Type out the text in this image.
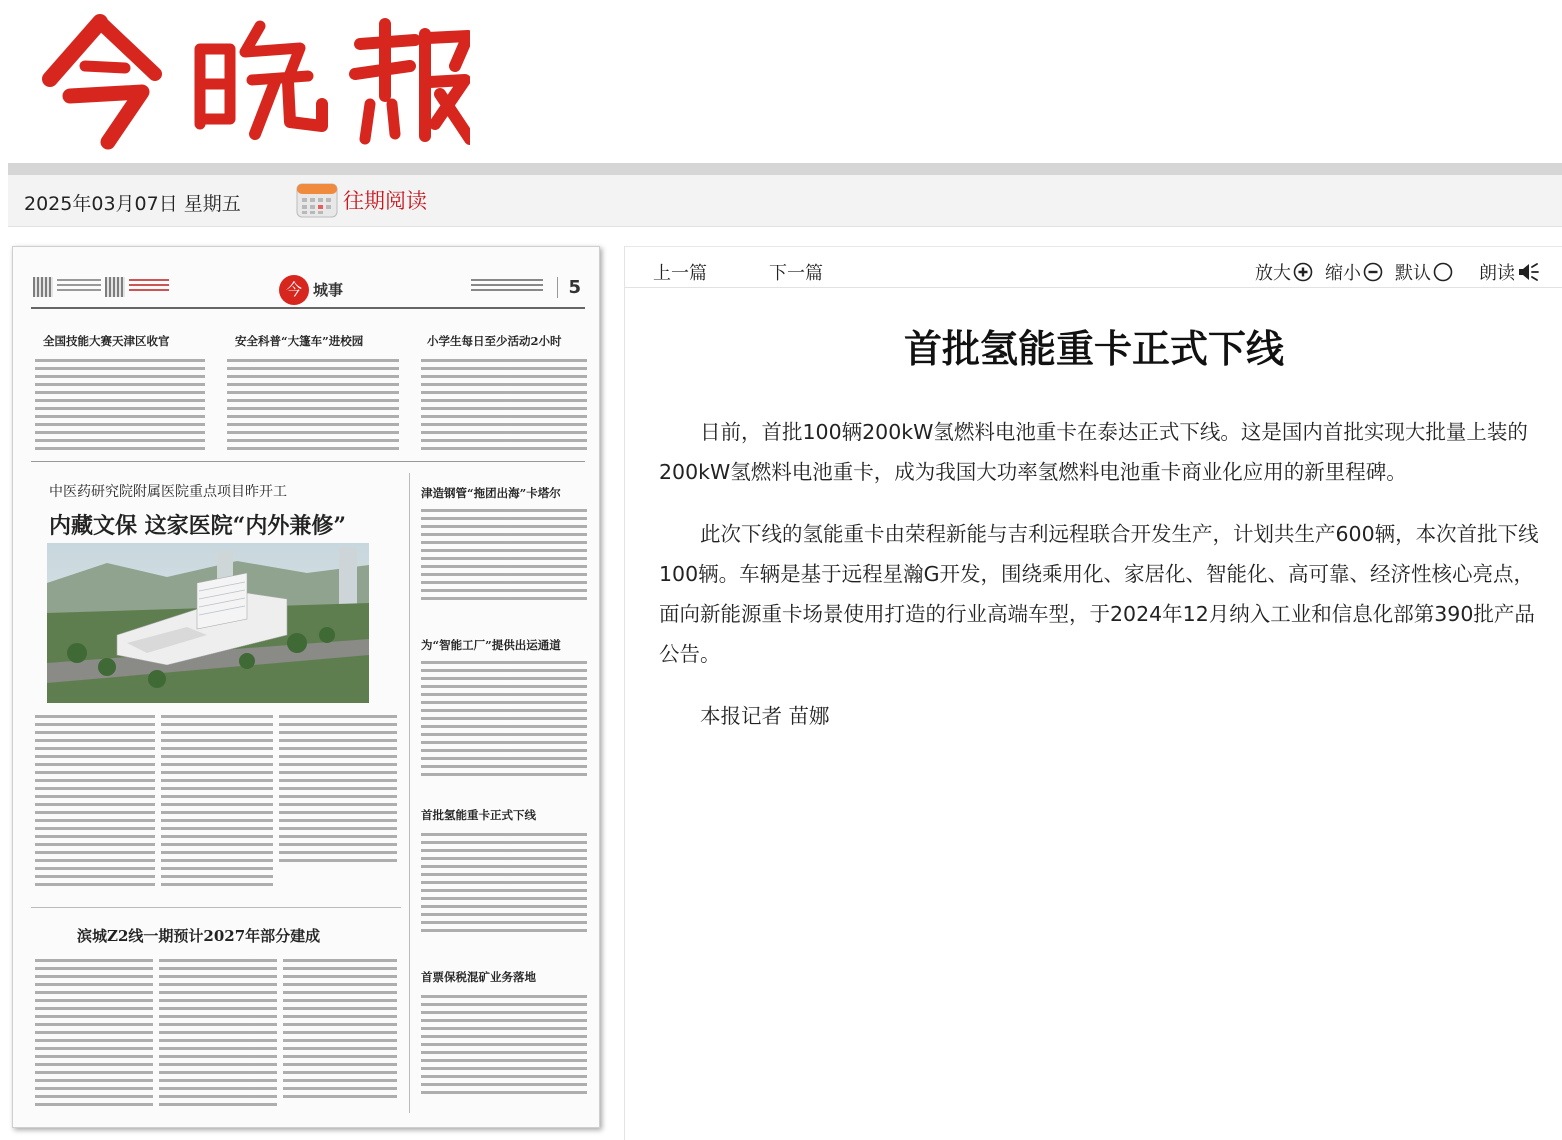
2025年03月07日 星期五	往期阅读
今 城事	5
全国技能大赛天津区收官	安全科普“大篷车”进校园	小学生每日至少活动2小时
中医药研究院附属医院重点项目昨开工
内藏文保 这家医院“内外兼修”
滨城Z2线一期预计2027年部分建成
津造钢管“拖团出海”卡塔尔
为“智能工厂”提供出运通道
首批氢能重卡正式下线
首票保税混矿业务落地
上一篇	下一篇	放大 缩小 默认	朗读
首批氢能重卡正式下线

日前，首批100辆200kW氢燃料电池重卡在泰达正式下线。这是国内首批实现大批量上装的200kW氢燃料电池重卡，成为我国大功率氢燃料电池重卡商业化应用的新里程碑。

此次下线的氢能重卡由荣程新能与吉利远程联合开发生产，计划共生产600辆，本次首批下线100辆。车辆是基于远程星瀚G开发，围绕乘用化、家居化、智能化、高可靠、经济性核心亮点，面向新能源重卡场景使用打造的行业高端车型，于2024年12月纳入工业和信息化部第390批产品公告。

本报记者 苗娜
